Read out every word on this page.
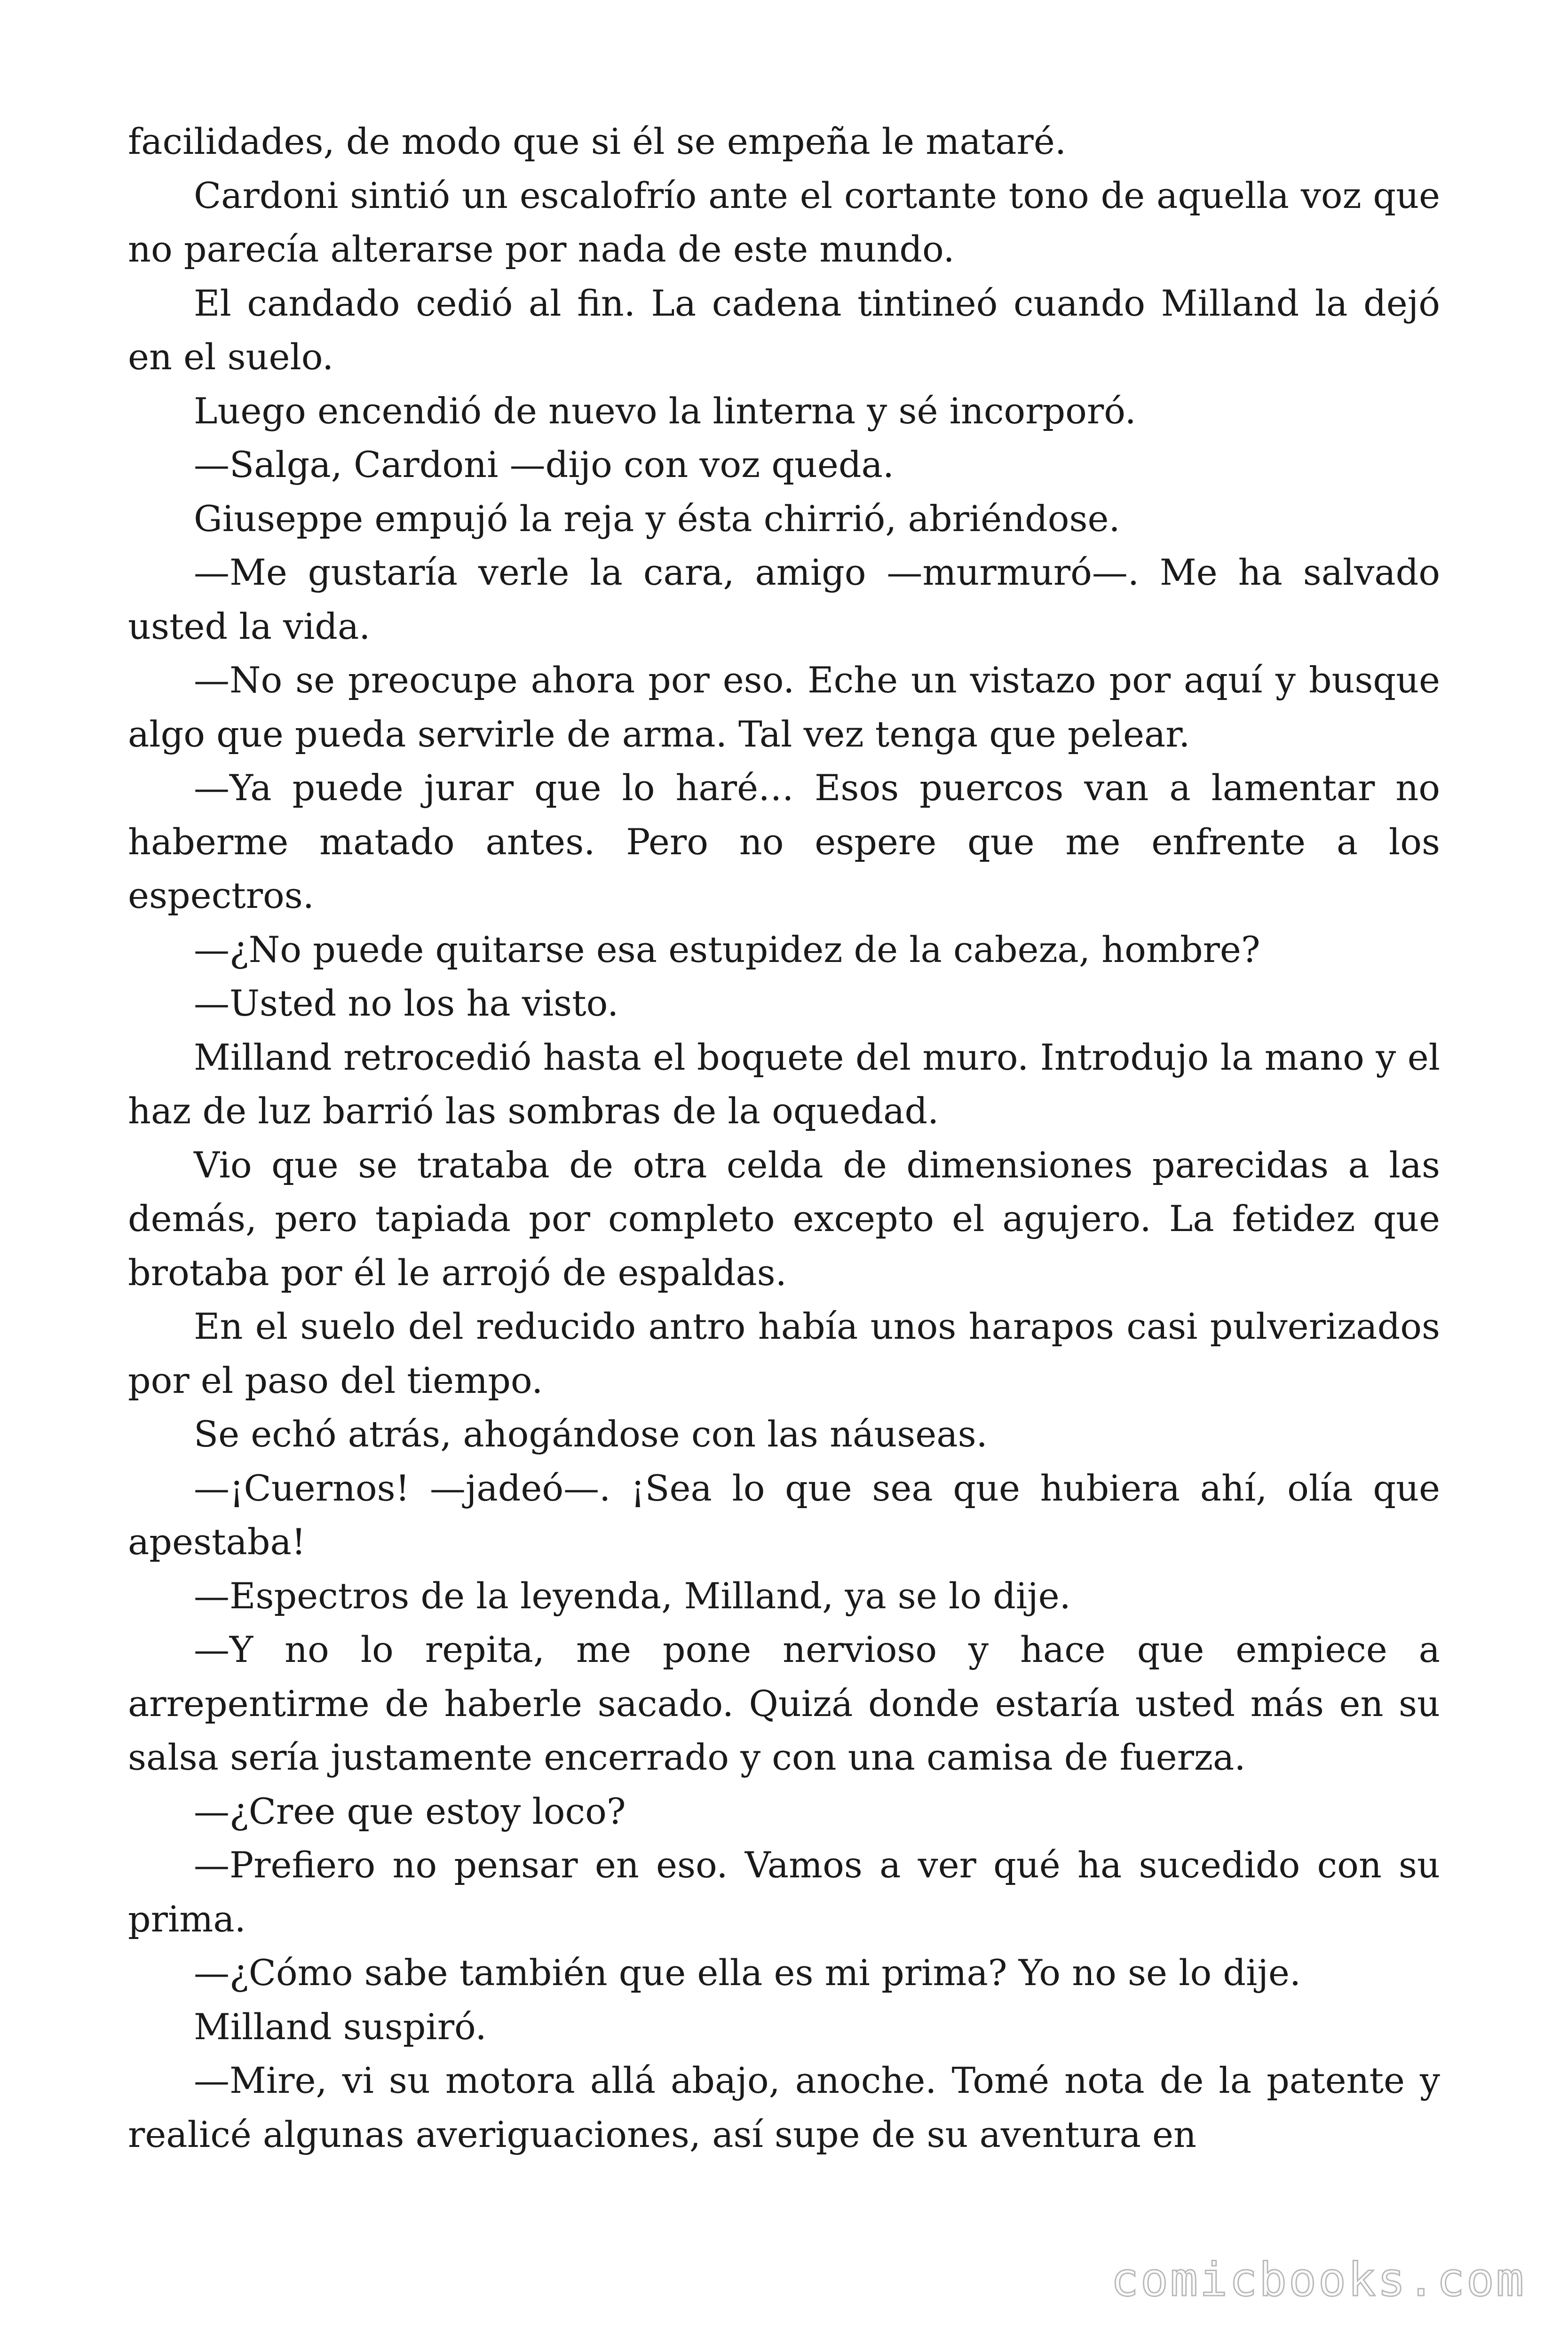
facilidades, de modo que si él se empeña le mataré.

Cardoni sintió un escalofrío ante el cortante tono de aquella voz que no parecía alterarse por nada de este mundo.

El candado cedió al fin. La cadena tintineó cuando Milland la dejó en el suelo.

Luego encendió de nuevo la linterna y sé incorporó.

—Salga, Cardoni —dijo con voz queda.

Giuseppe empujó la reja y ésta chirrió, abriéndose.

—Me gustaría verle la cara, amigo —murmuró—. Me ha salvado usted la vida.

—No se preocupe ahora por eso. Eche un vistazo por aquí y busque algo que pueda servirle de arma. Tal vez tenga que pelear.

—Ya puede jurar que lo haré… Esos puercos van a lamentar no haberme matado antes. Pero no espere que me enfrente a los espectros.

—¿No puede quitarse esa estupidez de la cabeza, hombre?

—Usted no los ha visto.

Milland retrocedió hasta el boquete del muro. Introdujo la mano y el haz de luz barrió las sombras de la oquedad.

Vio que se trataba de otra celda de dimensiones parecidas a las demás, pero tapiada por completo excepto el agujero. La fetidez que brotaba por él le arrojó de espaldas.

En el suelo del reducido antro había unos harapos casi pulverizados por el paso del tiempo.

Se echó atrás, ahogándose con las náuseas.

—¡Cuernos! —jadeó—. ¡Sea lo que sea que hubiera ahí, olía que apestaba!

—Espectros de la leyenda, Milland, ya se lo dije.

—Y no lo repita, me pone nervioso y hace que empiece a arrepentirme de haberle sacado. Quizá donde estaría usted más en su salsa sería justamente encerrado y con una camisa de fuerza.

—¿Cree que estoy loco?

—Prefiero no pensar en eso. Vamos a ver qué ha sucedido con su prima.

—¿Cómo sabe también que ella es mi prima? Yo no se lo dije.

Milland suspiró.

—Mire, vi su motora allá abajo, anoche. Tomé nota de la patente y realicé algunas averiguaciones, así supe de su aventura en

comicbooks.com
